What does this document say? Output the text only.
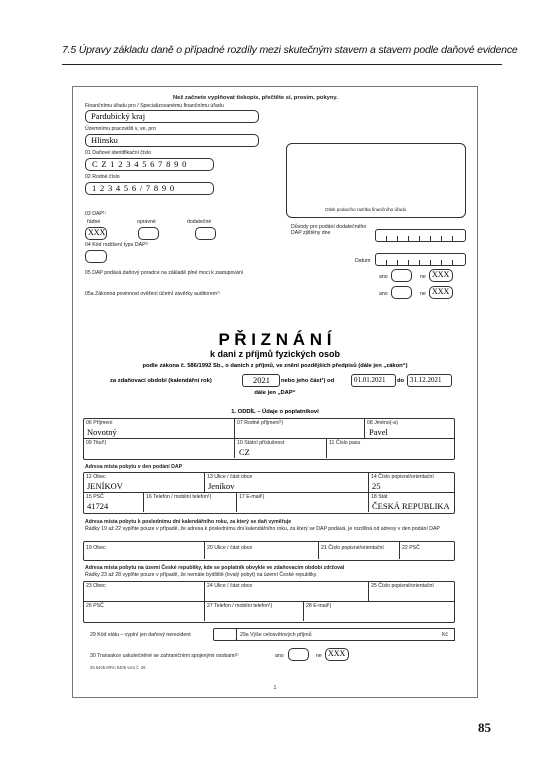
7.5 Úpravy základu daně o případné rozdíly mezi skutečným stavem a stavem podle daňové evidence
Než začnete vyplňovat tiskopis, přečtěte si, prosím, pokyny.
Finančnímu úřadu pro / Specializovanému finančnímu úřadu
Pardubický kraj
Územnímu pracovišti v, ve, pro
Hlinsku
01 Daňové identifikační číslo
C Z 1 2 3 4 5 6 7 8 9 0
02 Rodné číslo
1 2 3 4 5 6 / 7 8 9 0
Otisk podacího razítka finančního úřadu
03 DAP¹⁾
řádné	opravné	dodatečné
XXX
Důvody pro podání dodatečného DAP zjištěny dne
04 Kód rozlišení typu DAP¹⁾
Datum
05 DAP podává daňový poradce na základě plné moci k zastupování
ano	ne XXX
05a Zákonná povinnost ověření účetní závěrky auditorem¹⁾	ano	ne XXX
P Ř I Z N Á N Í
k dani z příjmů fyzických osob
podle zákona č. 586/1992 Sb., o daních z příjmů, ve znění pozdějších předpisů (dále jen „zákon“)
za zdaňovací období (kalendářní rok)	2021 nebo jeho část¹) od	01.01.2021 do 31.12.2021
dále jen „DAP“
1. ODDÍL – Údaje o poplatníkovi
06 Příjmení
Novotný
07 Rodné příjmení¹)	08 Jméno(-a)
Pavel
09 Titul¹)	10 Státní příslušnost
CZ
11 Číslo pasu
Adresa místa pobytu v den podání DAP
12 Obec
JENÍKOV
13 Ulice / část obce
Jeníkov
14 Číslo popisné/orientační
25
15 PSČ
41724
16 Telefon / mobilní telefon¹)	17 E-mail¹)	18 Stát
ČESKÁ REPUBLIKA
Adresa místa pobytu k poslednímu dni kalendářního roku, za který se daň vyměřuje
Řádky 19 až 22 vyplňte pouze v případě, že adresa k poslednímu dni kalendářního roku, za který se DAP podává, je rozdílná od adresy v den podání DAP
19 Obec	20 Ulice / část obce	21 Číslo popisné/orientační	22 PSČ
Adresa místa pobytu na území České republiky, kde se poplatník obvykle ve zdaňovacím období zdržoval
Řádky 23 až 28 vyplňte pouze v případě, že nemáte bydliště (trvalý pobyt) na území České republiky.
23 Obec	24 Ulice / část obce	25 Číslo popisné/orientační
26 PSČ	27 Telefon / mobilní telefon¹)	28 E-mail¹)
29 Kód státu – vyplní jen daňový nerezident	29a Výše celosvětových příjmů	Kč
30 Transakce uskutečněné se zahraničními spojenými osobami¹⁾	ano	ne XXX
25 5405 MFin 5405 vzor č. 28
1
85
